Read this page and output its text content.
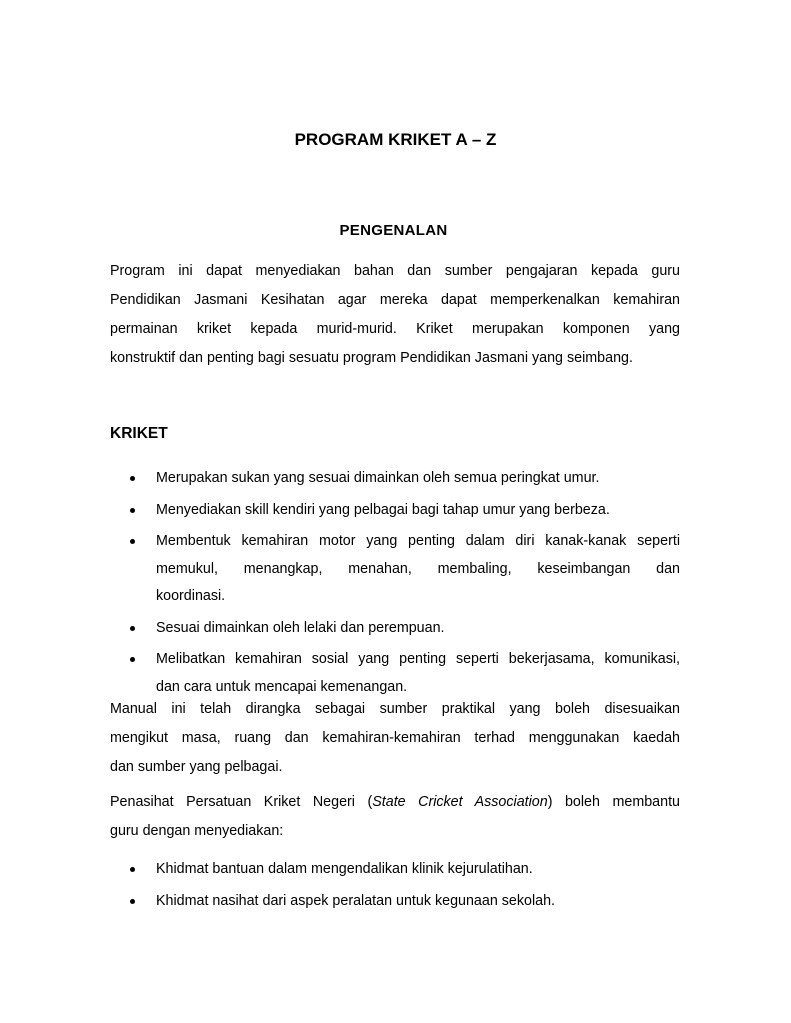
PROGRAM KRIKET A – Z
PENGENALAN

Program ini dapat menyediakan bahan dan sumber pengajaran kepada guru
Pendidikan Jasmani Kesihatan agar mereka dapat memperkenalkan kemahiran
permainan kriket kepada murid-murid. Kriket merupakan komponen yang
konstruktif dan penting bagi sesuatu program Pendidikan Jasmani yang seimbang.

KRIKET
Merupakan sukan yang sesuai dimainkan oleh semua peringkat umur.
Menyediakan skill kendiri yang pelbagai bagi tahap umur yang berbeza.
Membentuk kemahiran motor yang penting dalam diri kanak-kanak seperti
memukul, menangkap, menahan, membaling, keseimbangan dan
koordinasi.
Sesuai dimainkan oleh lelaki dan perempuan.
Melibatkan kemahiran sosial yang penting seperti bekerjasama, komunikasi,
dan cara untuk mencapai kemenangan.

Manual ini telah dirangka sebagai sumber praktikal yang boleh disesuaikan
mengikut masa, ruang dan kemahiran-kemahiran terhad menggunakan kaedah
dan sumber yang pelbagai.

Penasihat Persatuan Kriket Negeri (State Cricket Association) boleh membantu
guru dengan menyediakan:

Khidmat bantuan dalam mengendalikan klinik kejurulatihan.
Khidmat nasihat dari aspek peralatan untuk kegunaan sekolah.
